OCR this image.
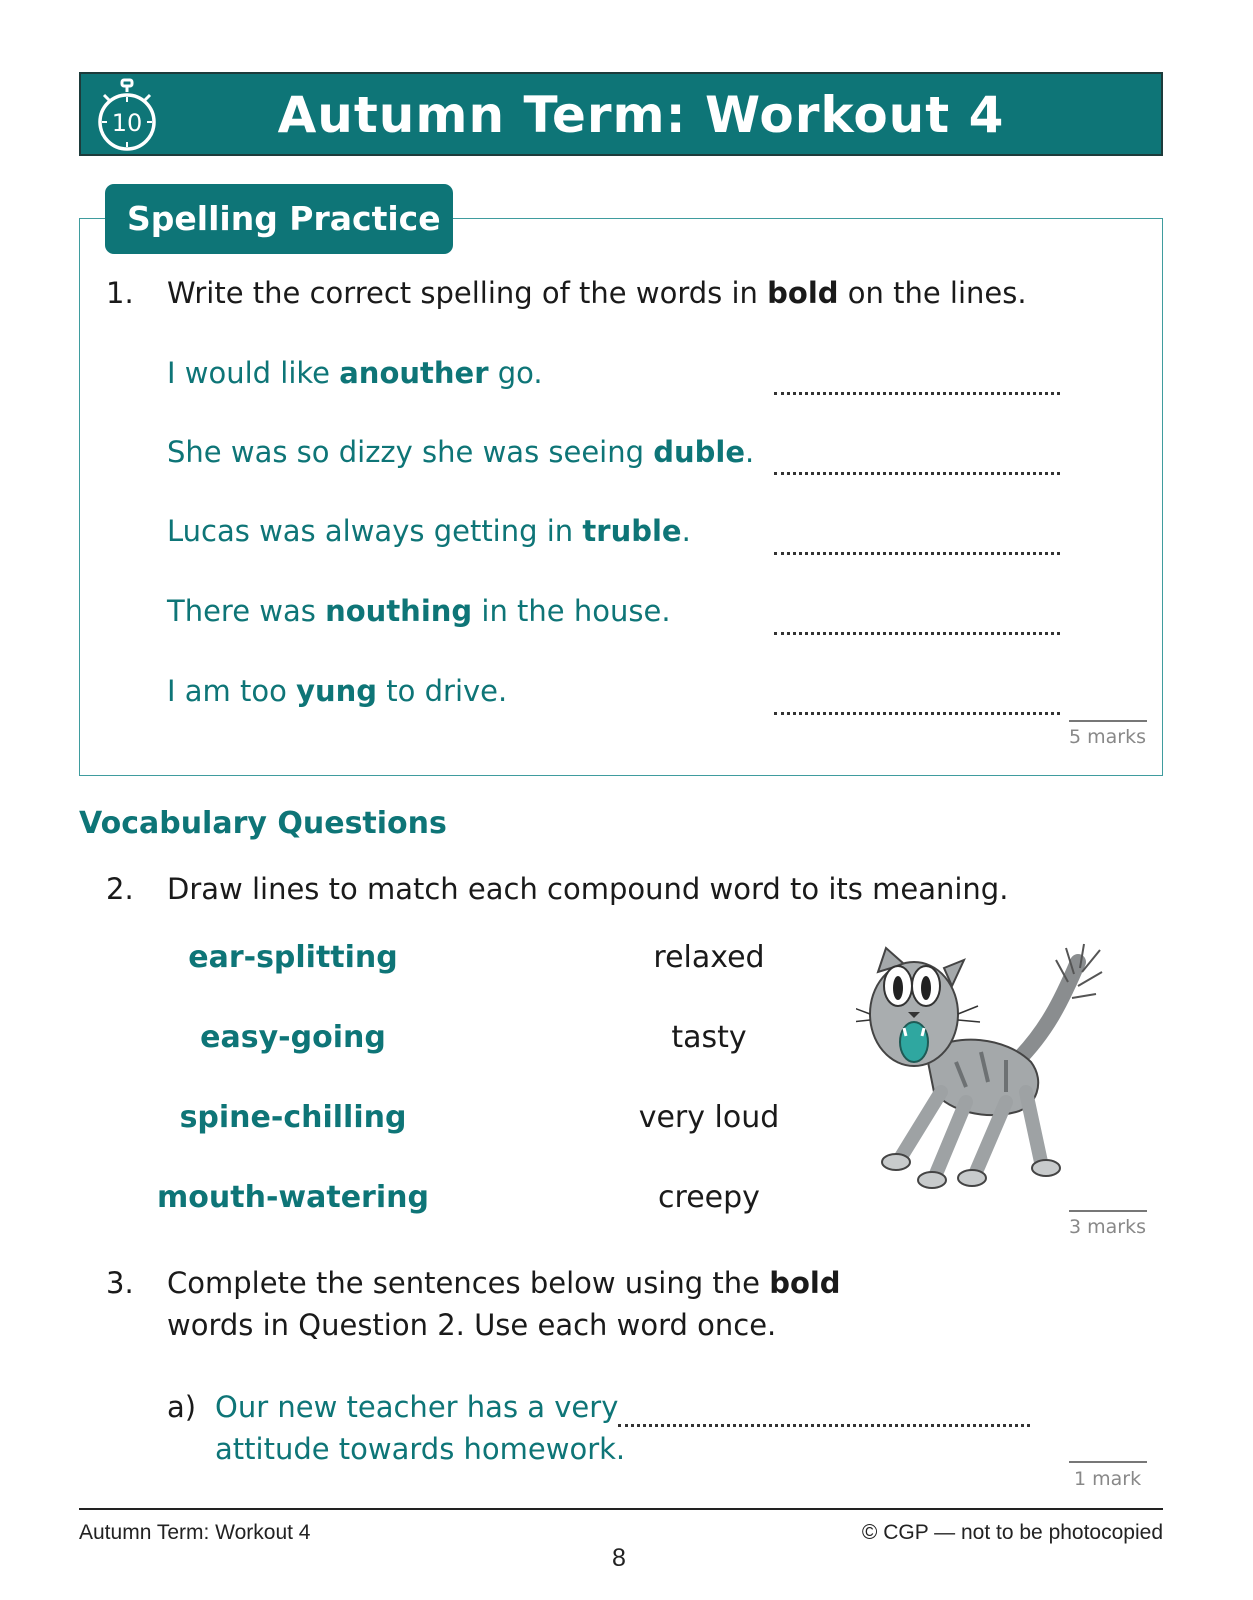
10	Autumn Term: Workout 4
Spelling Practice
1. Write the correct spelling of the words in bold on the lines.
I would like anouther go.
She was so dizzy she was seeing duble.
Lucas was always getting in truble.
There was nouthing in the house.
I am too yung to drive.
5 marks
Vocabulary Questions
2. Draw lines to match each compound word to its meaning.
ear-splitting
easy-going
spine-chilling
mouth-watering
relaxed
tasty
very loud
creepy
3 marks
3. Complete the sentences below using the bold
words in Question 2. Use each word once.
a) Our new teacher has a very
attitude towards homework.
1 mark
Autumn Term: Workout 4
8
© CGP — not to be photocopied
